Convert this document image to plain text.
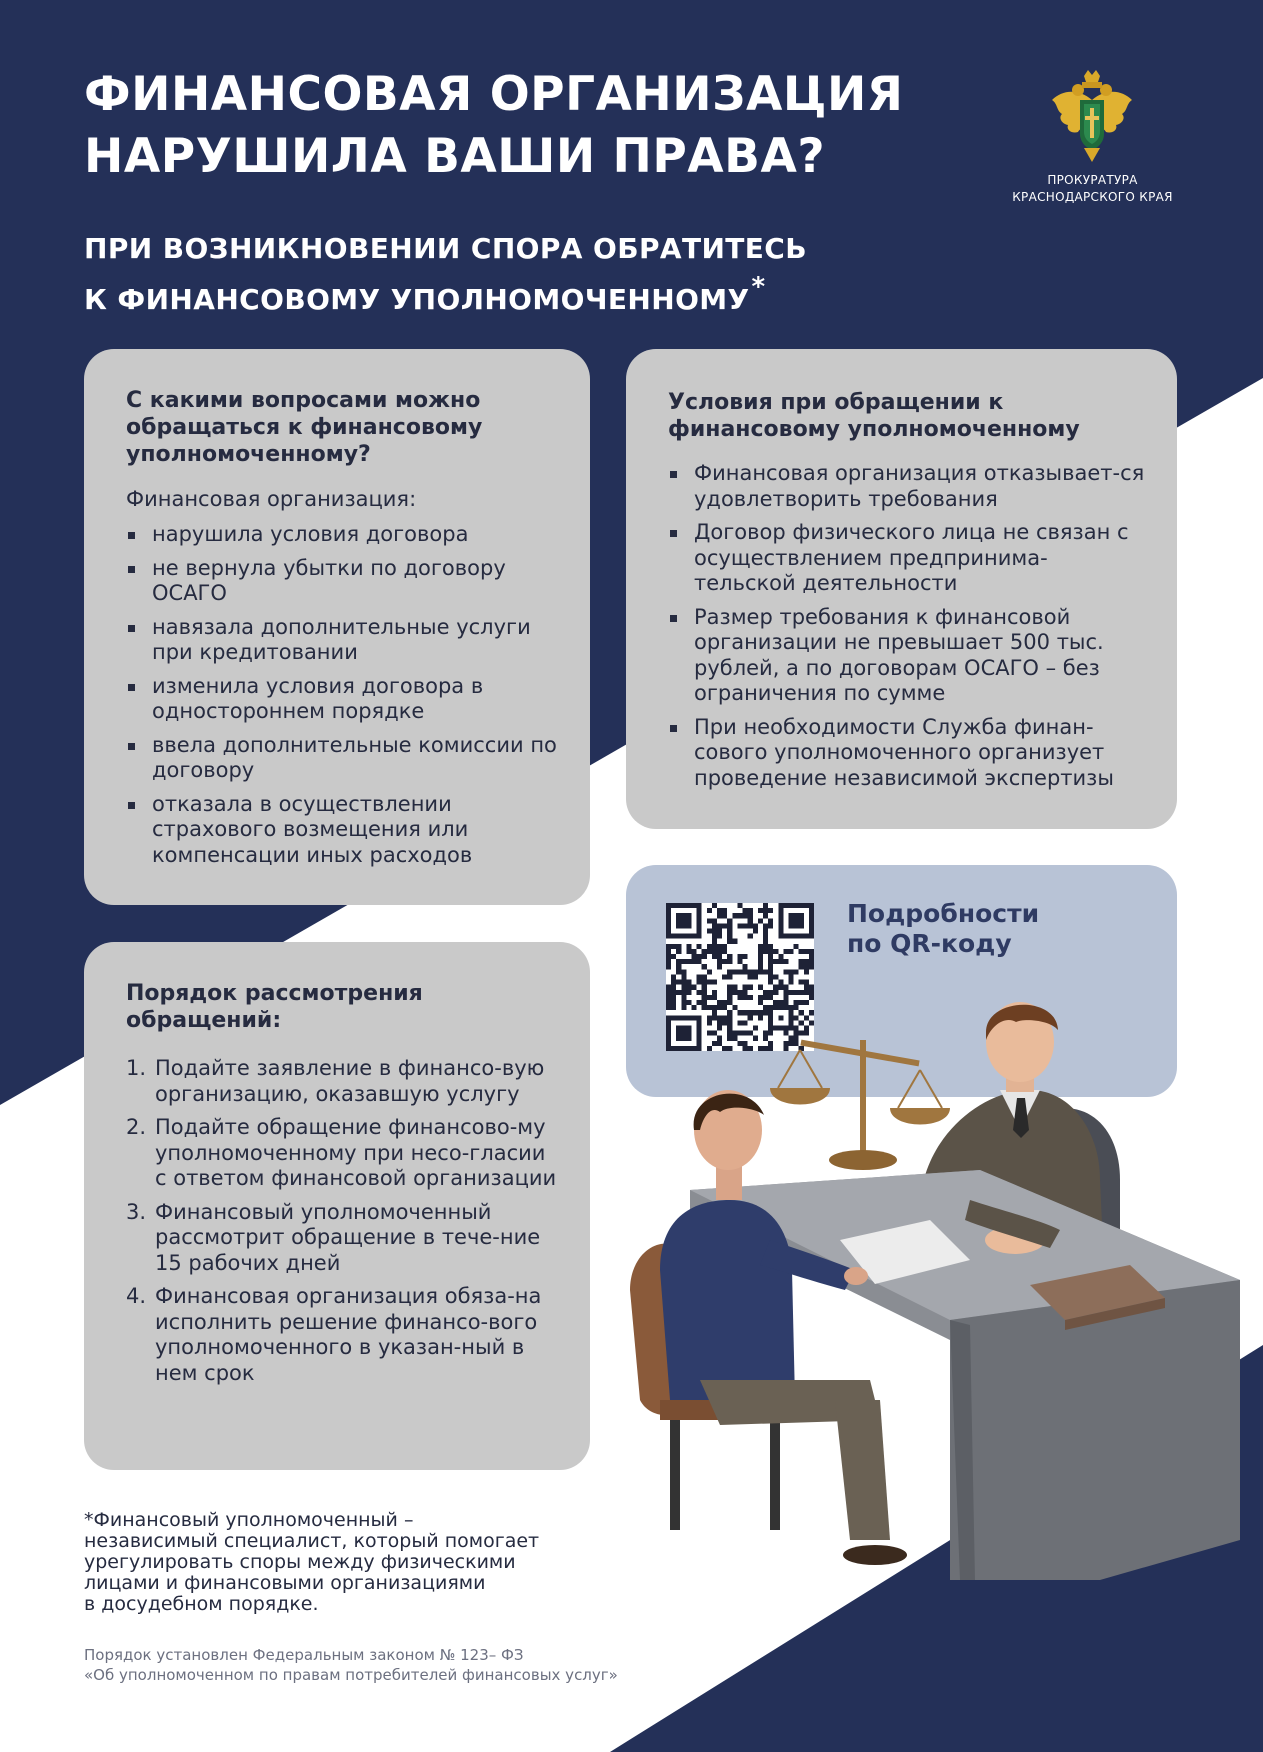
ФИНАНСОВАЯ ОРГАНИЗАЦИЯ
НАРУШИЛА ВАШИ ПРАВА?
ПРИ ВОЗНИКНОВЕНИИ СПОРА ОБРАТИТЕСЬ
К ФИНАНСОВОМУ УПОЛНОМОЧЕННОМУ*
ПРОКУРАТУРА
КРАСНОДАРСКОГО КРАЯ
С какими вопросами можно обращаться к финансовому уполномоченному?

Финансовая организация:

нарушила условия договора
не вернула убытки по договору ОСАГО
навязала дополнительные услуги при кредитовании
изменила условия договора в одностороннем порядке
ввела дополнительные комиссии по договору
отказала в осуществлении страхового возмещения или компенсации иных расходов
Условия при обращении к финансовому уполномоченному
Финансовая организация отказывает-ся удовлетворить требования
Договор физического лица не связан с осуществлением предпринима-тельской деятельности
Размер требования к финансовой организации не превышает 500 тыс. рублей, а по договорам ОСАГО – без ограничения по сумме
При необходимости Служба финан-сового уполномоченного организует проведение независимой экспертизы

Подробности
по QR-коду

Порядок рассмотрения обращений:
1. Подайте заявление в финансо-вую организацию, оказавшую услугу
2. Подайте обращение финансово-му уполномоченному при несо-гласии с ответом финансовой организации
3. Финансовый уполномоченный рассмотрит обращение в тече-ние 15 рабочих дней
4. Финансовая организация обяза-на исполнить решение финансо-вого уполномоченного в указан-ный в нем срок
*Финансовый уполномоченный –
независимый специалист, который помогает
урегулировать споры между физическими
лицами и финансовыми организациями
в досудебном порядке.
Порядок установлен Федеральным законом № 123– ФЗ
«Об уполномоченном по правам потребителей финансовых услуг»
